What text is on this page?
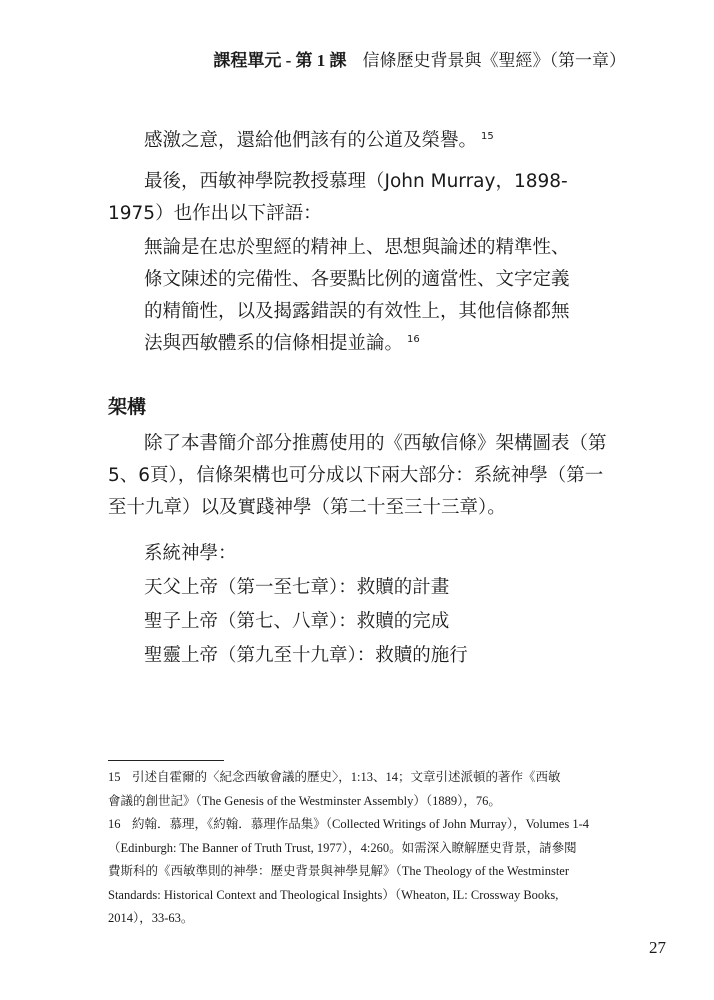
課程單元 - 第 1 課 信條歷史背景與《聖經》（第一章）
感激之意，還給他們該有的公道及榮譽。 $^{15}$
最後，西敏神學院教授慕理（John Murray，1898-1975）也作出以下評語：
無論是在忠於聖經的精神上、思想與論述的精準性、
條文陳述的完備性、各要點比例的適當性、文字定義
的精簡性，以及揭露錯誤的有效性上，其他信條都無
法與西敏體系的信條相提並論。 $^{16}$
架構
除了本書簡介部分推薦使用的《西敏信條》架構圖表（第5、6頁），信條架構也可分成以下兩大部分：系統神學（第一至十九章）以及實踐神學（第二十至三十三章）。
系統神學：
天父上帝（第一至七章）：救贖的計畫
聖子上帝（第七、八章）：救贖的完成
聖靈上帝（第九至十九章）：救贖的施行
15 引述自霍爾的〈紀念西敏會議的歷史〉，1:13、14；文章引述派頓的著作《西敏
會議的創世記》（The Genesis of the Westminster Assembly）（1889），76。
16 約翰．慕理，《約翰．慕理作品集》（Collected Writings of John Murray），Volumes 1-4
（Edinburgh: The Banner of Truth Trust, 1977），4:260。如需深入瞭解歷史背景，請參閱
費斯科的《西敏準則的神學：歷史背景與神學見解》（The Theology of the Westminster
Standards: Historical Context and Theological Insights）（Wheaton, IL: Crossway Books,
2014），33-63。
27
